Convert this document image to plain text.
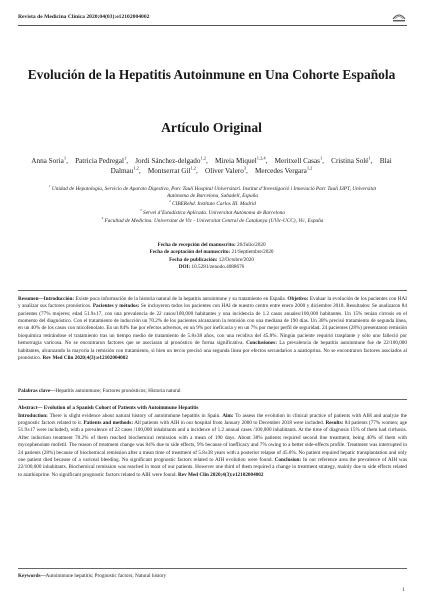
Revista de Medicina Clínica 2020;04(03):e12102004002
Evolución de la Hepatitis Autoinmune en Una Cohorte Española
Artículo Original
Anna Soria$^1$, Patricia Pedregal$^1$, Jordi Sánchez-delgado$^{1,2}$, Mireia Miquel$^{1,2,4}$, Meritxell Casas$^1$, Cristina Solé$^1$, Blai Dalmau$^{1,2}$, Montserrat Gil$^{1,2}$, Oliver Valero$^3$, Mercedes Vergara$^{1,2}$
$^1$ Unidad de Hepatología, Servicio de Aparato Digestivo, Parc Taulí Hospital Universitari. Institut d’Investigació i Innovació Parc Taulí I3PT, Universitat Autònoma de Barcelona, Sabadell, España
$^2$ CIBERehd. Instituto Carlos III. Madrid
$^3$ Servei d’Estadística Aplicada. Universitat Autònoma de Barcelona
$^4$ Facultad de Medicina. Universitat de Vic - Universitat Central de Catalunya (UVic-UCC), Vic, España
Fecha de recepción del manuscrito: 26/Julio/2020
Fecha de aceptación del manuscrito: 21/Septiembre/2020
Fecha de publicación: 12/Octubre/2020
DOI: 10.5281/zenodo.4088676
Resumen—Introducción: Existe poca información de la historia natural de la hepatitis autoinmune y su tratamiento en España. Objetivo: Evaluar la evolución de los pacientes con HAI y analizar sus factores pronósticos. Pacientes y métodos: Se incluyeron todos los pacientes con HAI de nuestro centro entre enero 2000 y diciembre 2018. Resultados: Se analizaron 84 pacientes (77% mujeres; edad 51.9±17, con una prevalencia de 22 casos/100,000 habitantes y una incidencia de 1.2 casos anuales/100,000 habitantes. Un 15% tenían cirrosis en el momento del diagnóstico. Con el tratamiento de inducción un 70.2% de los pacientes alcanzaron la remisión con una mediana de 190 días. Un 38% precisó tratamiento de segunda línea, en un 40% de los casos con micofenolato. En un 84% fue por efectos adversos, en un 9% por ineficacia y en un 7% por mejor perfil de seguridad. 24 pacientes (28%) presentaron remisión bioquímica retirándose el tratamiento tras un tiempo medio de tratamiento de 5.8±38 años, con una recidiva del 45.8%. Ningún paciente requirió trasplante y sólo uno falleció por hemorragia varicosa. No se encontraron factores que se asociaran al pronóstico de forma significativa. Conclusiones: La prevalencia de hepatitis autoinmune fue de 22/100,000 habitantes, alcanzando la mayoría la remisión con tratamiento, si bien un tercio precisó una segunda línea por efectos secundarios a azatioprina. No se encontraron factores asociados al pronóstico. Rev Med Clin 2020;4(3):e12102004002
Palabras clave—Hepatitis autoinmune; Factores pronósticos; Historia natural
Abstract— Evolution of a Spanish Cohort of Patients with Autoimmune Hepatitis
Introduction: There is slight evidence about natural history of autoimmune hepatitis in Spain. Aim: To assess the evolution in clinical practice of patients with AIH and analyze the prognostic factors related to it. Patients and methods: All patients with AIH in our hospital from January 2000 to December 2018 were included. Results: 84 patients (77% women; age 51.9±17 were included), with a prevalence of 22 cases /100,000 inhabitants and a incidence of 1.2 annual cases /100,000 inhabitants. At the time of diagnosis 15% of them had cirrhosis. After induction treatment 70.2% of them reached biochemical remission with a mean of 190 days. About 38% patients required second line treatment, being 40% of them with mycophenolate mofetil. The reason of treatment change was 84% due to side effects, 9% because of inefficacy and 7% owing to a better side-effects profile. Treatment was interrupted in 24 patients (28%) because of biochemical remission after a mean time of treatment of 5.8±38 years with a posterior relapse of 45.8%. No patient required hepatic transplantation and only one patient died because of a variceal bleeding. No significant prognostic factors related to AIH evolution were found. Conclusion: In our reference area the prevalence of AIH was 22/100,000 inhabitants. Biochemical remission was reached in most of our patients. However one third of them required a change in treatment strategy, mainly due to side effects related to azathioprine. No significant prognostic factors related to AIH were found. Rev Med Clin 2020;4(3):e12102004002
Keywords—Autoimmune hepatitis; Prognostic factors; Natural history
1
